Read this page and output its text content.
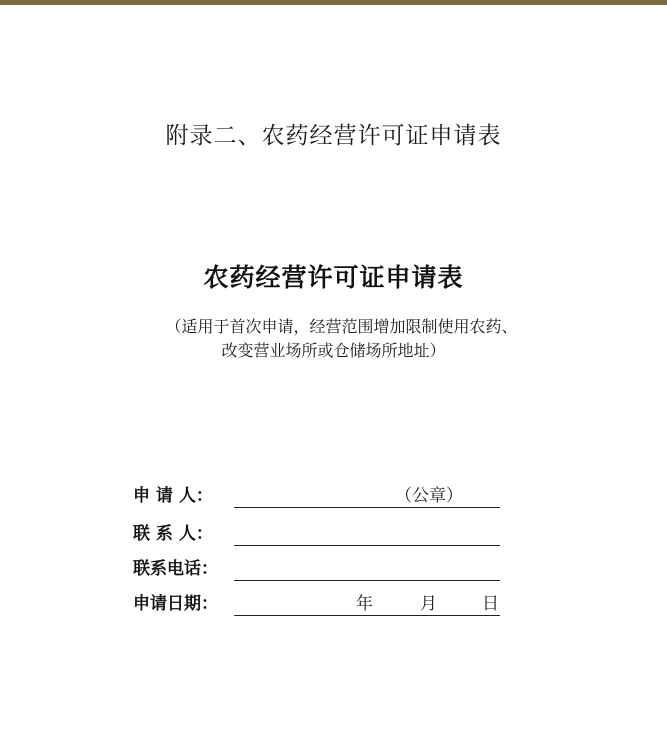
附录二、农药经营许可证申请表
农药经营许可证申请表
（适用于首次申请，经营范围增加限制使用农药、
改变营业场所或仓储场所地址）
申 请 人：	（公章）
联 系 人：
联系电话：
申请日期：	年	月	日
